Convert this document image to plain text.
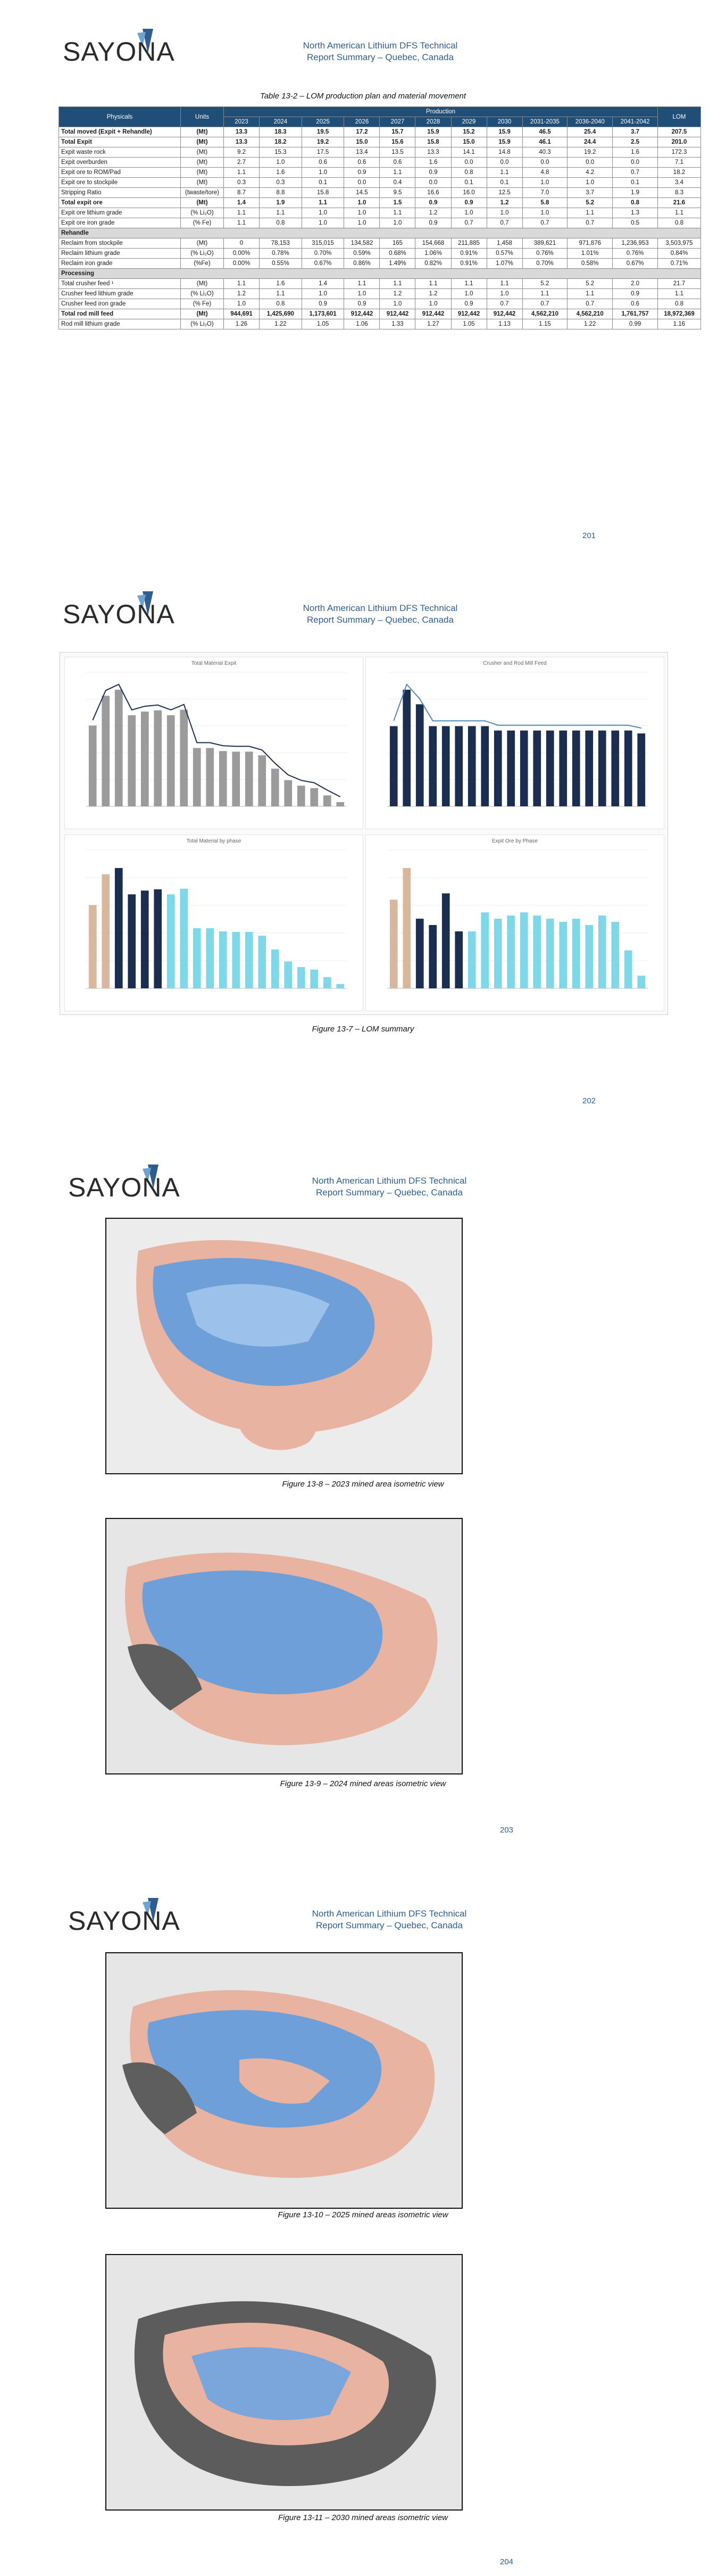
SAYONA	North American Lithium DFS Technical
Report Summary – Quebec, Canada
Table 13-2 – LOM production plan and material movement
Physicals	Units	Production											LOM
		2023	2024	2025	2026	2027	2028	2029	2030	2031-2035	2036-2040	2041-2042	
Total moved (Expit + Rehandle)	(Mt)	13.3	18.3	19.5	17.2	15.7	15.9	15.2	15.9	46.5	25.4	3.7	207.5
Total Expit	(Mt)	13.3	18.2	19.2	15.0	15.6	15.8	15.0	15.9	46.1	24.4	2.5	201.0
Expit waste rock	(Mt)	9.2	15.3	17.5	13.4	13.5	13.3	14.1	14.8	40.3	19.2	1.6	172.3
Expit overburden	(Mt)	2.7	1.0	0.6	0.6	0.6	1.6	0.0	0.0	0.0	0.0	0.0	7.1
Expit ore to ROM/Pad	(Mt)	1.1	1.6	1.0	0.9	1.1	0.9	0.8	1.1	4.8	4.2	0.7	18.2
Expit ore to stockpile	(Mt)	0.3	0.3	0.1	0.0	0.4	0.0	0.1	0.1	1.0	1.0	0.1	3.4
Stripping Ratio	(twaste/tore)	8.7	8.8	15.8	14.5	9.5	16.6	16.0	12.5	7.0	3.7	1.9	8.3
Total expit ore	(Mt)	1.4	1.9	1.1	1.0	1.5	0.9	0.9	1.2	5.8	5.2	0.8	21.6
Expit ore lithium grade	(% Li₂O)	1.1	1.1	1.0	1.0	1.1	1.2	1.0	1.0	1.0	1.1	1.3	1.1
Expit ore iron grade	(% Fe)	1.1	0.8	1.0	1.0	1.0	0.9	0.7	0.7	0.7	0.7	0.5	0.8
Rehandle													
Reclaim from stockpile	(Mt)	0	78,153	315,015	134,582	165	154,668	211,885	1,458	389,621	971,876	1,236,953	3,503,975
Reclaim lithium grade	(% Li₂O)	0.00%	0.78%	0.70%	0.59%	0.68%	1.06%	0.91%	0.57%	0.76%	1.01%	0.76%	0.84%
Reclaim iron grade	(%Fe)	0.00%	0.55%	0.67%	0.86%	1.49%	0.82%	0.91%	1.07%	0.70%	0.58%	0.67%	0.71%
Processing													
Total crusher feed ¹	(Mt)	1.1	1.6	1.4	1.1	1.1	1.1	1.1	1.1	5.2	5.2	2.0	21.7
Crusher feed lithium grade	(% Li₂O)	1.2	1.1	1.0	1.0	1.2	1.2	1.0	1.0	1.1	1.1	0.9	1.1
Crusher feed iron grade	(% Fe)	1.0	0.8	0.9	0.9	1.0	1.0	0.9	0.7	0.7	0.7	0.6	0.8
Total rod mill feed	(Mt)	944,691	1,425,690	1,173,601	912,442	912,442	912,442	912,442	912,442	4,562,210	4,562,210	1,761,757	18,972,369
Rod mill lithium grade	(% Li₂O)	1.26	1.22	1.05	1.06	1.33	1.27	1.05	1.13	1.15	1.22	0.99	1.16
201
SAYONA	North American Lithium DFS Technical
Report Summary – Quebec, Canada
202
Total Material Expit	Crusher and Rod Mill Feed
Total Material by phase	Expit Ore by Phase
Figure 13-7 – LOM summary
SAYONA	North American Lithium DFS Technical
Report Summary – Quebec, Canada
203
Figure 13-8 – 2023 mined area isometric view
Figure 13-9 – 2024 mined areas isometric view
SAYONA	North American Lithium DFS Technical
Report Summary – Quebec, Canada
204
Figure 13-10 – 2025 mined areas isometric view
Figure 13-11 – 2030 mined areas isometric view
